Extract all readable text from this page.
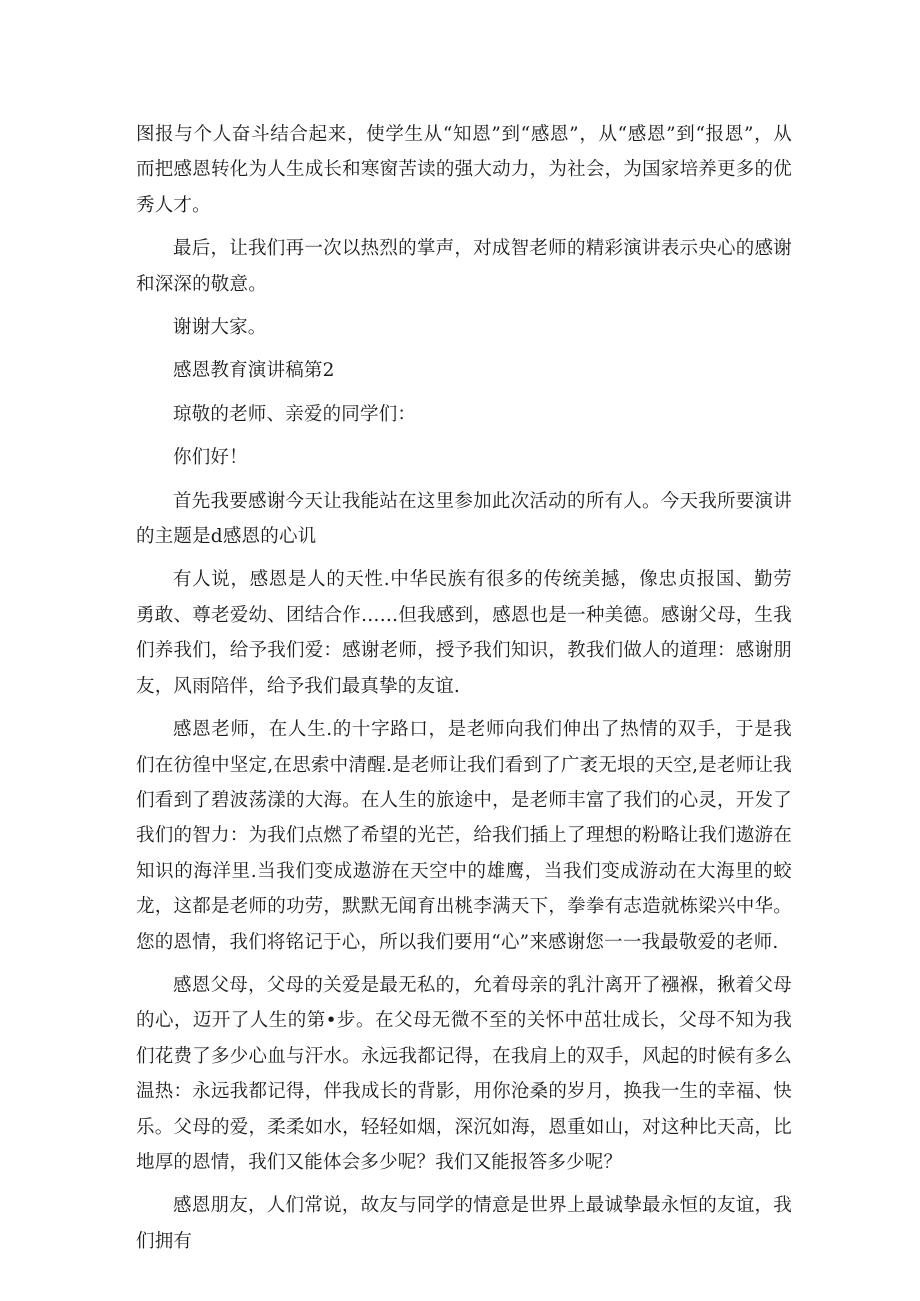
图报与个人奋斗结合起来，使学生从“知恩”到“感恩”，从“感恩”到“报恩”，从而把感恩转化为人生成长和寒窗苦读的强大动力，为社会，为国家培养更多的优秀人才。

最后，让我们再一次以热烈的掌声，对成智老师的精彩演讲表示央心的感谢和深深的敬意。

谢谢大家。

感恩教育演讲稿第2

琼敬的老师、亲爱的同学们：

你们好！

首先我要感谢今天让我能站在这里参加此次活动的所有人。今天我所要演讲的主题是d感恩的心讥

有人说，感恩是人的天性.中华民族有很多的传统美撼，像忠贞报国、勤劳勇敢、尊老爱幼、团结合作……但我感到，感恩也是一种美德。感谢父母，生我们养我们，给予我们爱：感谢老师，授予我们知识，教我们做人的道理：感谢朋友，风雨陪伴，给予我们最真挚的友谊.

感恩老师，在人生.的十字路口，是老师向我们伸出了热情的双手，于是我们在彷徨中坚定,在思索中清醒.是老师让我们看到了广袤无垠的天空,是老师让我们看到了碧波荡漾的大海。在人生的旅途中，是老师丰富了我们的心灵，开发了我们的智力：为我们点燃了希望的光芒，给我们插上了理想的粉略让我们遨游在知识的海洋里.当我们变成遨游在天空中的雄鹰，当我们变成游动在大海里的蛟龙，这都是老师的功劳，默默无闻育出桃李满天下，拳拳有志造就栋梁兴中华。您的恩情，我们将铭记于心，所以我们要用“心”来感谢您一一我最敬爱的老师.

感恩父母，父母的关爱是最无私的，允着母亲的乳汁离开了襁褓，揪着父母的心，迈开了人生的第•步。在父母无微不至的关怀中茁壮成长，父母不知为我们花费了多少心血与汗水。永远我都记得，在我肩上的双手，风起的时候有多么温热：永远我都记得，伴我成长的背影，用你沧桑的岁月，换我一生的幸福、快乐。父母的爱，柔柔如水，轻轻如烟，深沉如海，恩重如山，对这种比天高，比地厚的恩情，我们又能体会多少呢？我们又能报答多少呢？

感恩朋友，人们常说，故友与同学的情意是世界上最诚挚最永恒的友谊，我们拥有
